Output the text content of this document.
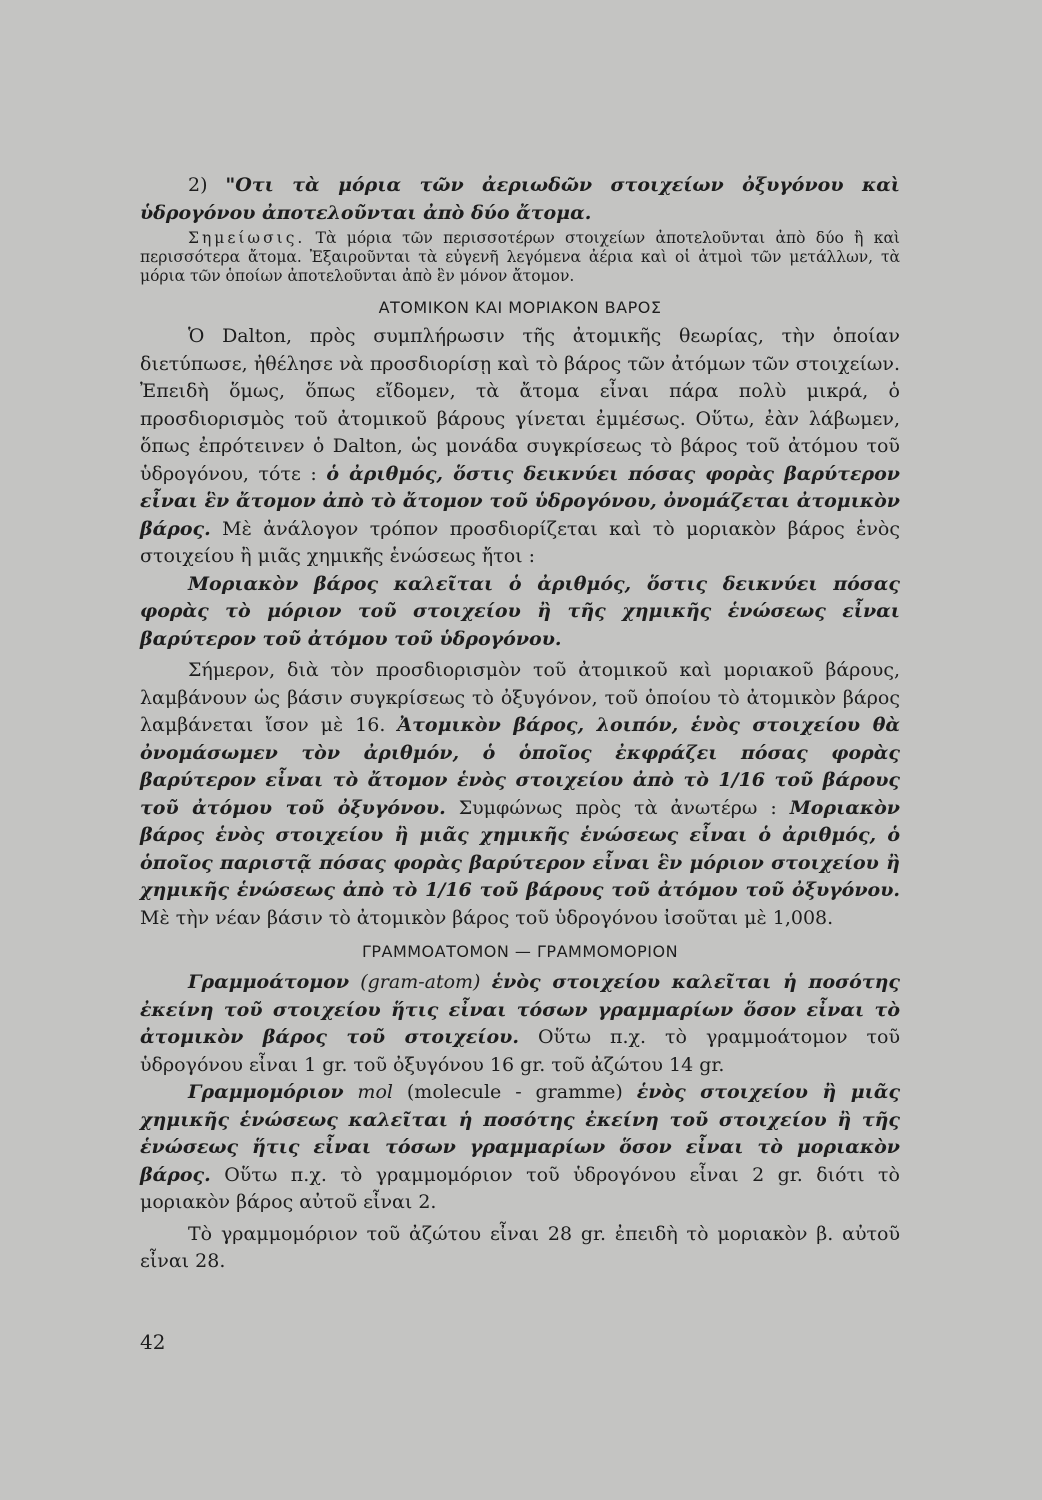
2) "Οτι τὰ μόρια τῶν ἀεριωδῶν στοιχείων ὀξυγόνου καὶ ὑδρογόνου ἀποτελοῦνται ἀπὸ δύο ἄτομα.

Σημείωσις. Τὰ μόρια τῶν περισσοτέρων στοιχείων ἀποτελοῦνται ἀπὸ δύο ἢ καὶ περισσότερα ἄτομα. Ἐξαιροῦνται τὰ εὐγενῆ λεγόμενα ἀέρια καὶ οἱ ἀτμοὶ τῶν μετάλλων, τὰ μόρια τῶν ὁποίων ἀποτελοῦνται ἀπὸ ἓν μόνον ἄτομον.

ΑΤΟΜΙΚΟΝ ΚΑΙ ΜΟΡΙΑΚΟΝ ΒΑΡΟΣ

Ὁ Dalton, πρὸς συμπλήρωσιν τῆς ἀτομικῆς θεωρίας, τὴν ὁποίαν διετύπωσε, ἠθέλησε νὰ προσδιορίσῃ καὶ τὸ βάρος τῶν ἀτόμων τῶν στοιχείων. Ἐπειδὴ ὅμως, ὅπως εἴδομεν, τὰ ἄτομα εἶναι πάρα πολὺ μικρά, ὁ προσδιορισμὸς τοῦ ἀτομικοῦ βάρους γίνεται ἐμμέσως. Οὕτω, ἐὰν λάβωμεν, ὅπως ἐπρότεινεν ὁ Dalton, ὡς μονάδα συγκρίσεως τὸ βάρος τοῦ ἀτόμου τοῦ ὑδρογόνου, τότε : ὁ ἀριθμός, ὅστις δεικνύει πόσας φορὰς βαρύτερον εἶναι ἓν ἄτομον ἀπὸ τὸ ἄτομον τοῦ ὑδρογόνου, ὀνομάζεται ἀτομικὸν βάρος. Μὲ ἀνάλογον τρόπον προσδιορίζεται καὶ τὸ μοριακὸν βάρος ἑνὸς στοιχείου ἢ μιᾶς χημικῆς ἑνώσεως ἤτοι :

Μοριακὸν βάρος καλεῖται ὁ ἀριθμός, ὅστις δεικνύει πόσας φορὰς τὸ μόριον τοῦ στοιχείου ἢ τῆς χημικῆς ἑνώσεως εἶναι βαρύτερον τοῦ ἀτόμου τοῦ ὑδρογόνου.

Σήμερον, διὰ τὸν προσδιορισμὸν τοῦ ἀτομικοῦ καὶ μοριακοῦ βάρους, λαμβάνουν ὡς βάσιν συγκρίσεως τὸ ὀξυγόνον, τοῦ ὁποίου τὸ ἀτομικὸν βάρος λαμβάνεται ἴσον μὲ 16. Ἀτομικὸν βάρος, λοιπόν, ἑνὸς στοιχείου θὰ ὀνομάσωμεν τὸν ἀριθμόν, ὁ ὁποῖος ἐκφράζει πόσας φορὰς βαρύτερον εἶναι τὸ ἄτομον ἑνὸς στοιχείου ἀπὸ τὸ 1/16 τοῦ βάρους τοῦ ἀτόμου τοῦ ὀξυγόνου. Συμφώνως πρὸς τὰ ἀνωτέρω : Μοριακὸν βάρος ἑνὸς στοιχείου ἢ μιᾶς χημικῆς ἑνώσεως εἶναι ὁ ἀριθμός, ὁ ὁποῖος παριστᾷ πόσας φορὰς βαρύτερον εἶναι ἓν μόριον στοιχείου ἢ χημικῆς ἑνώσεως ἀπὸ τὸ 1/16 τοῦ βάρους τοῦ ἀτόμου τοῦ ὀξυγόνου. Μὲ τὴν νέαν βάσιν τὸ ἀτομικὸν βάρος τοῦ ὑδρογόνου ἰσοῦται μὲ 1,008.

ΓΡΑΜΜΟΑΤΟΜΟΝ — ΓΡΑΜΜΟΜΟΡΙΟΝ

Γραμμοάτομον (gram-atom) ἑνὸς στοιχείου καλεῖται ἡ ποσότης ἐκείνη τοῦ στοιχείου ἥτις εἶναι τόσων γραμμαρίων ὅσον εἶναι τὸ ἀτομικὸν βάρος τοῦ στοιχείου. Οὕτω π.χ. τὸ γραμμοάτομον τοῦ ὑδρογόνου εἶναι 1 gr. τοῦ ὀξυγόνου 16 gr. τοῦ ἀζώτου 14 gr.

Γραμμομόριον mol (molecule - gramme) ἑνὸς στοιχείου ἢ μιᾶς χημικῆς ἑνώσεως καλεῖται ἡ ποσότης ἐκείνη τοῦ στοιχείου ἢ τῆς ἑνώσεως ἥτις εἶναι τόσων γραμμαρίων ὅσον εἶναι τὸ μοριακὸν βάρος. Οὕτω π.χ. τὸ γραμμομόριον τοῦ ὑδρογόνου εἶναι 2 gr. διότι τὸ μοριακὸν βάρος αὐτοῦ εἶναι 2.

Τὸ γραμμομόριον τοῦ ἀζώτου εἶναι 28 gr. ἐπειδὴ τὸ μοριακὸν β. αὐτοῦ εἶναι 28.

42
